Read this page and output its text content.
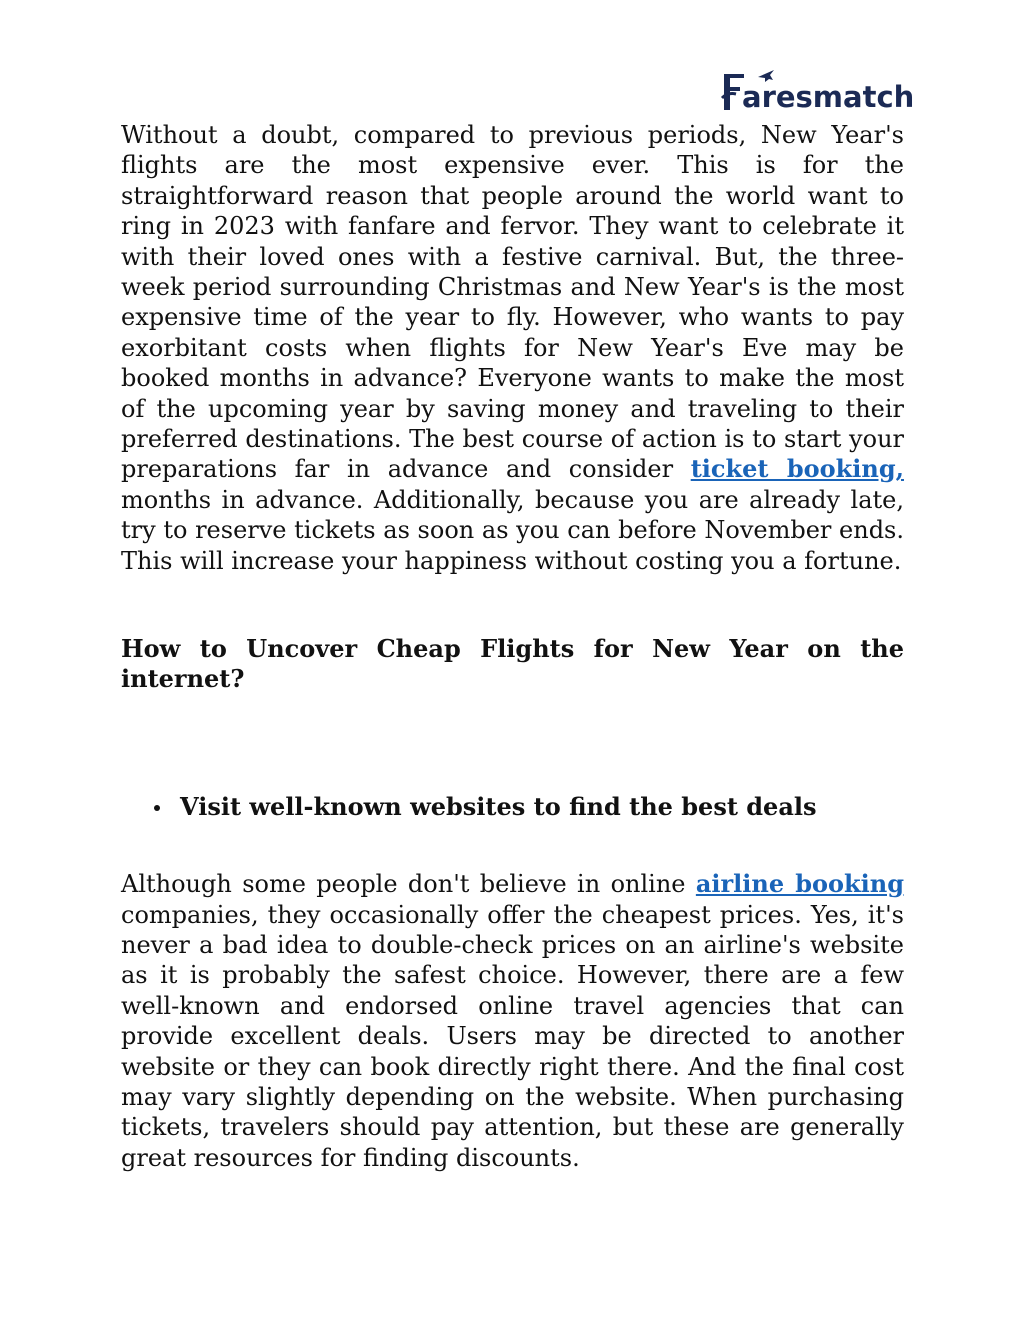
aresmatch

Without a doubt, compared to previous periods, New Year's flights are the most expensive ever. This is for the straightforward reason that people around the world want to ring in 2023 with fanfare and fervor. They want to celebrate it with their loved ones with a festive carnival. But, the three-week period surrounding Christmas and New Year's is the most expensive time of the year to fly. However, who wants to pay exorbitant costs when flights for New Year's Eve may be booked months in advance? Everyone wants to make the most of the upcoming year by saving money and traveling to their preferred destinations. The best course of action is to start your preparations far in advance and consider ticket booking, months in advance. Additionally, because you are already late, try to reserve tickets as soon as you can before November ends. This will increase your happiness without costing you a fortune.

How to Uncover Cheap Flights for New Year on the internet?
Visit well-known websites to find the best deals

Although some people don't believe in online airline booking companies, they occasionally offer the cheapest prices. Yes, it's never a bad idea to double-check prices on an airline's website as it is probably the safest choice. However, there are a few well-known and endorsed online travel agencies that can provide excellent deals. Users may be directed to another website or they can book directly right there. And the final cost may vary slightly depending on the website. When purchasing tickets, travelers should pay attention, but these are generally great resources for finding discounts.
